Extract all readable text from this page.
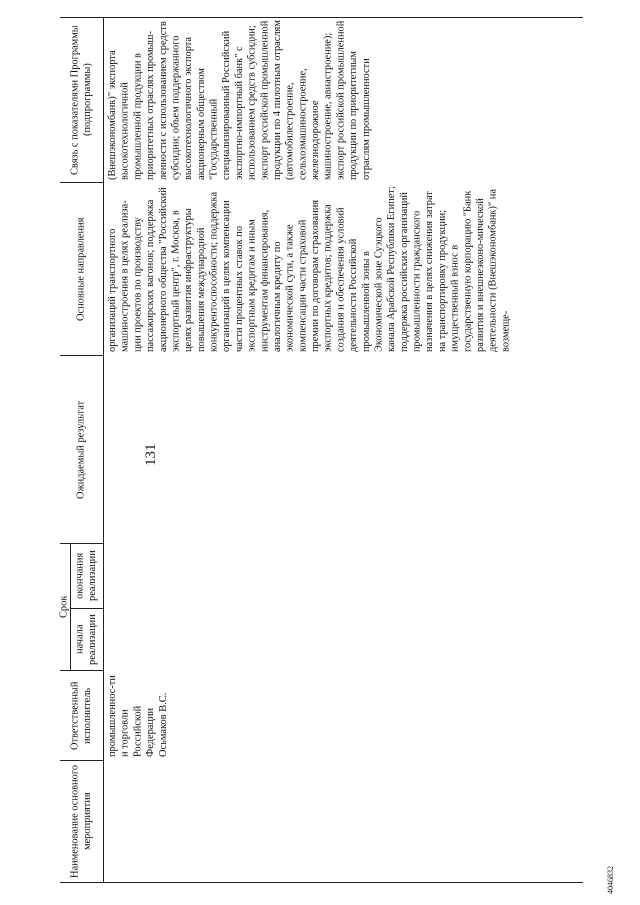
131
4046832
Наименование основного мероприятия
Ответственный исполнитель
Срок
начала реализации
окончания реализации
Ожидаемый результат
Основные направления
Связь с показателями Программы (подпрограммы)
промышленнос-ти и торговли Российской Федерации Осьмаков В.С.
организаций транспортного машиностроения в целях реализа-ции проектов по производству пассажирских вагонов; поддержка акционерного общества "Российский экспортный центр", г. Москва, в целях развития инфраструктуры повышения международной конкурентоспособности; поддержка организаций в целях компенсации части процентных ставок по экспортным кредитам и иным инструментам финансирования, аналогичным кредиту по экономической сути, а также компенсации части страховой премии по договорам страхования экспортных кредитов; поддержка создания и обеспечения условий деятельности Российской промышленной зоны в Экономической зоне Суэцкого канала Арабской Республики Египет; поддержка российских организаций промышленности гражданского назначения в целях снижения затрат на транспортировку продукции; имущественный взнос в государственную корпорацию "Банк развития и внешнеэконо-мической деятельности (Внешэкономбанк)" на возмеще-
(Внешэкономбанк)" экспорта высокотехнологичной промышленной продукции в приоритетных отраслях промыш-ленности с использованием средств субсидии; объем поддержанного высокотехнологичного экспорта акционерным обществом "Государственный специализированный Российский экспортно-импортный банк" с использованием средств субсидии; экспорт российской промышленной продукции по 4 пилотным отраслям (автомобилестроение, сельхозмашиностроение, железнодорожное машиностроение, авиастроение); экспорт российской промышленной продукции по приоритетным отраслям промышленности
